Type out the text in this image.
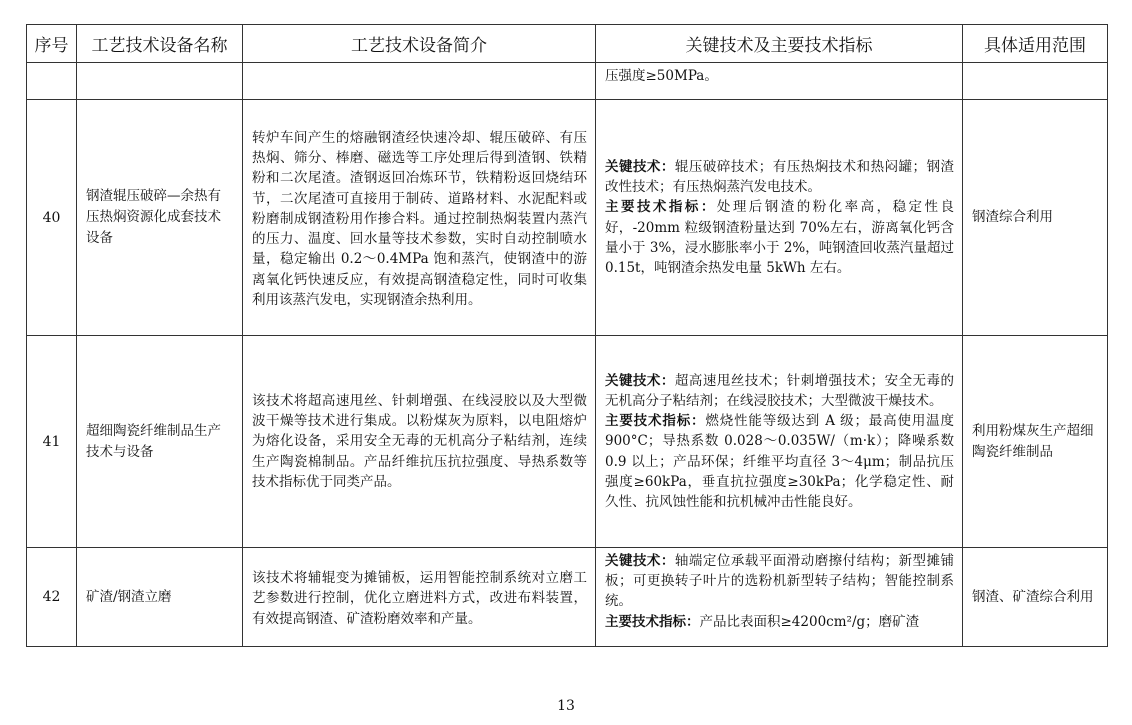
序号	工艺技术设备名称	工艺技术设备简介	关键技术及主要技术指标	具体适用范围
			压强度≥50MPa。	
40	钢渣辊压破碎—余热有压热焖资源化成套技术设备	转炉车间产生的熔融钢渣经快速冷却、辊压破碎、有压热焖、筛分、棒磨、磁选等工序处理后得到渣钢、铁精粉和二次尾渣。渣钢返回冶炼环节，铁精粉返回烧结环节，二次尾渣可直接用于制砖、道路材料、水泥配料或粉磨制成钢渣粉用作掺合料。通过控制热焖装置内蒸汽的压力、温度、回水量等技术参数，实时自动控制喷水量，稳定输出 0.2～0.4MPa 饱和蒸汽，使钢渣中的游离氧化钙快速反应，有效提高钢渣稳定性，同时可收集利用该蒸汽发电，实现钢渣余热利用。	关键技术：辊压破碎技术；有压热焖技术和热闷罐；钢渣改性技术；有压热焖蒸汽发电技术。
主要技术指标：处理后钢渣的粉化率高，稳定性良好，-20mm 粒级钢渣粉量达到 70%左右，游离氧化钙含量小于 3%，浸水膨胀率小于 2%，吨钢渣回收蒸汽量超过 0.15t，吨钢渣余热发电量 5kWh 左右。	钢渣综合利用
41	超细陶瓷纤维制品生产技术与设备	该技术将超高速甩丝、针刺增强、在线浸胶以及大型微波干燥等技术进行集成。以粉煤灰为原料，以电阻熔炉为熔化设备，采用安全无毒的无机高分子粘结剂，连续生产陶瓷棉制品。产品纤维抗压抗拉强度、导热系数等技术指标优于同类产品。	关键技术：超高速甩丝技术；针刺增强技术；安全无毒的无机高分子粘结剂；在线浸胶技术；大型微波干燥技术。
主要技术指标：燃烧性能等级达到 A 级；最高使用温度 900°C；导热系数 0.028～0.035W/（m·k）；降噪系数 0.9 以上；产品环保；纤维平均直径 3～4μm；制品抗压强度≥60kPa，垂直抗拉强度≥30kPa；化学稳定性、耐久性、抗风蚀性能和抗机械冲击性能良好。	利用粉煤灰生产超细陶瓷纤维制品
42	矿渣/钢渣立磨	该技术将辅辊变为摊铺板，运用智能控制系统对立磨工艺参数进行控制，优化立磨进料方式，改进布料装置，有效提高钢渣、矿渣粉磨效率和产量。	关键技术：轴端定位承载平面滑动磨擦付结构；新型摊铺板；可更换转子叶片的选粉机新型转子结构；智能控制系统。
主要技术指标：产品比表面积≥4200cm²/g；磨矿渣	钢渣、矿渣综合利用
13
